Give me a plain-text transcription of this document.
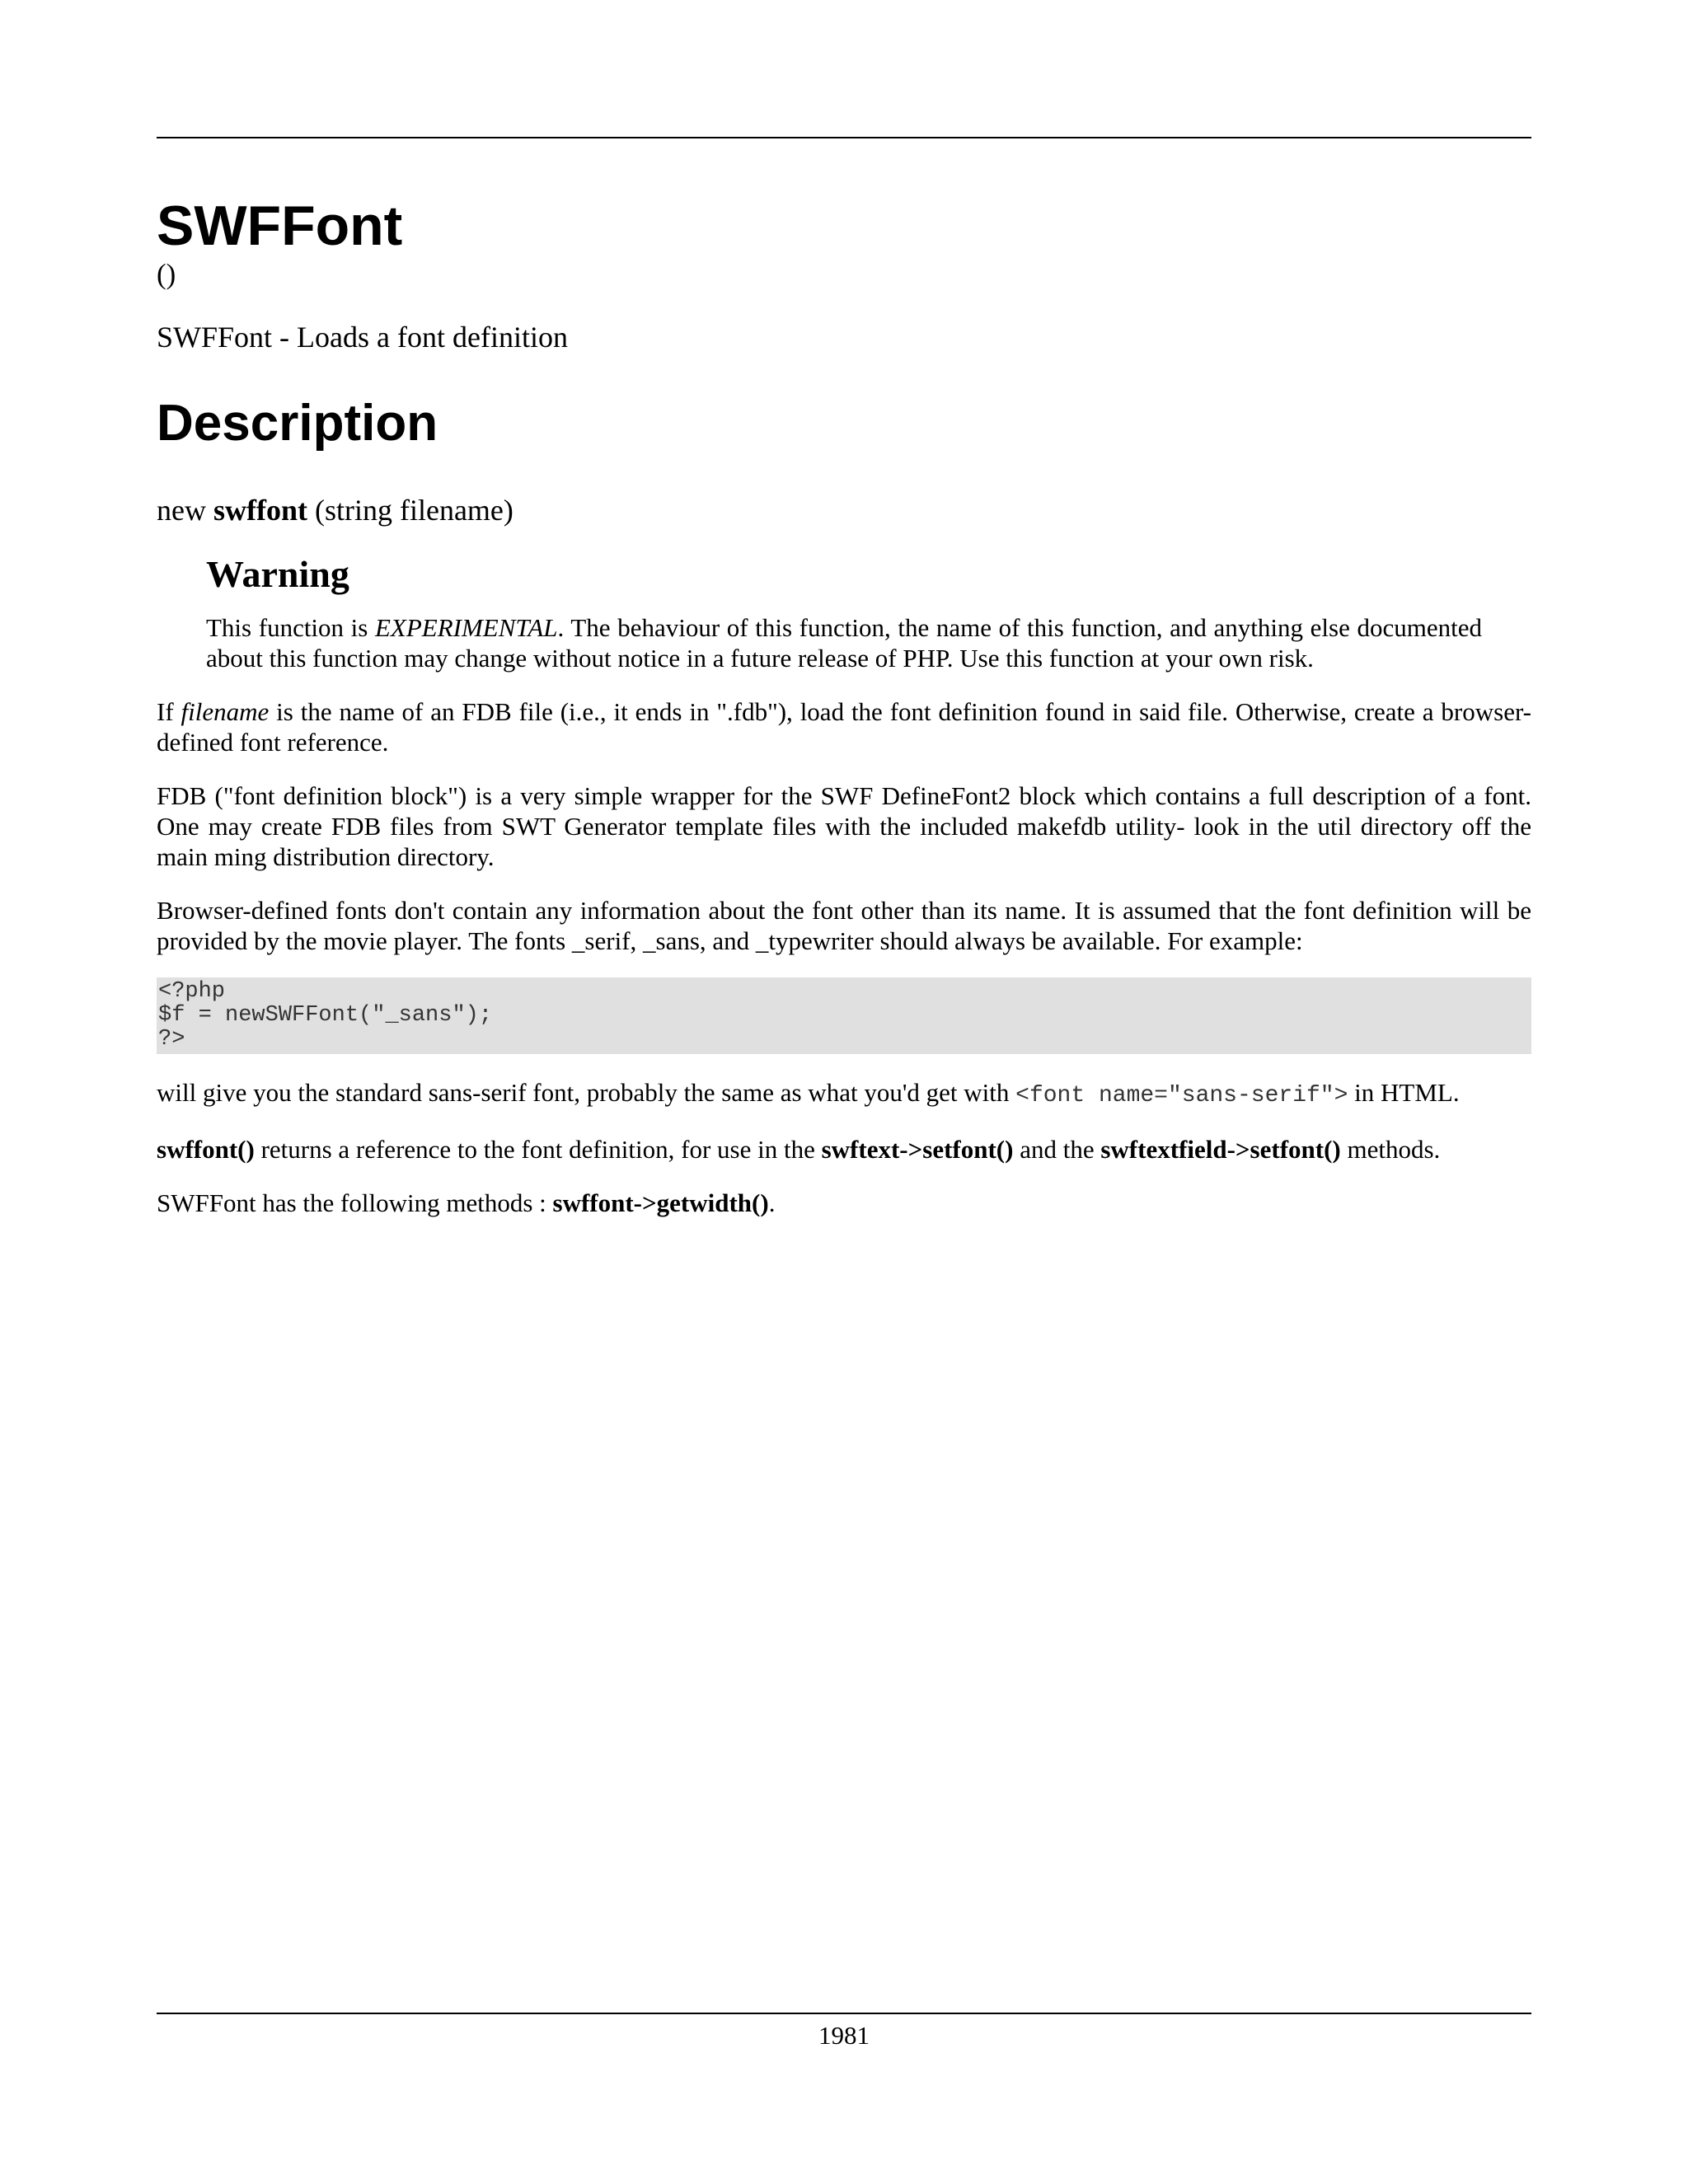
SWFFont
()
SWFFont - Loads a font definition
Description
new swffont (string filename)
Warning
This function is EXPERIMENTAL. The behaviour of this function, the name of this function, and anything else documented about this function may change without notice in a future release of PHP. Use this function at your own risk.

If filename is the name of an FDB file (i.e., it ends in ".fdb"), load the font definition found in said file. Otherwise, create a browser-defined font reference.

FDB ("font definition block") is a very simple wrapper for the SWF DefineFont2 block which contains a full description of a font. One may create FDB files from SWT Generator template files with the included makefdb utility- look in the util directory off the main ming distribution directory.

Browser-defined fonts don't contain any information about the font other than its name. It is assumed that the font definition will be provided by the movie player. The fonts _serif, _sans, and _typewriter should always be available. For example:

<?php
$f = newSWFFont("_sans");
?>

will give you the standard sans-serif font, probably the same as what you'd get with <font name="sans-serif"> in HTML.

swffont() returns a reference to the font definition, for use in the swftext->setfont() and the swftextfield->setfont() methods.

SWFFont has the following methods : swffont->getwidth().

1981
